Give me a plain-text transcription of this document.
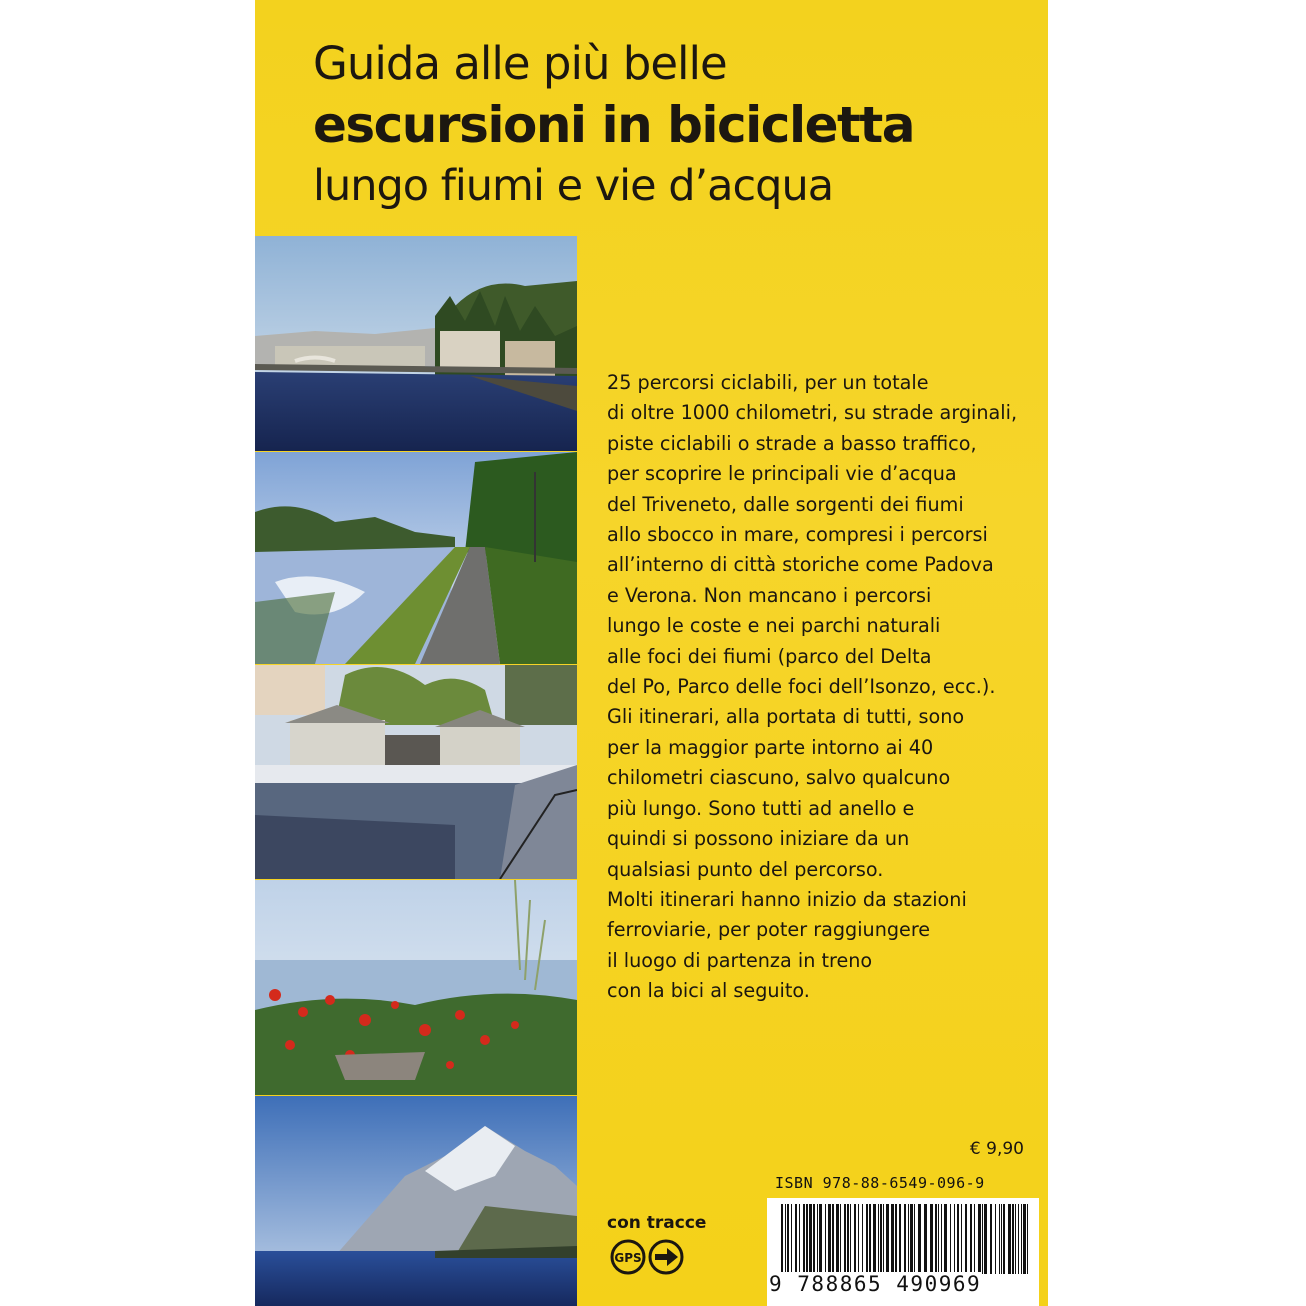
Guida alle più belle
escursioni in bicicletta
lungo fiumi e vie d’acqua
25 percorsi ciclabili, per un totale
di oltre 1000 chilometri, su strade arginali,
piste ciclabili o strade a basso traffico,
per scoprire le principali vie d’acqua
del Triveneto, dalle sorgenti dei fiumi
allo sbocco in mare, compresi i percorsi
all’interno di città storiche come Padova
e Verona. Non mancano i percorsi
lungo le coste e nei parchi naturali
alle foci dei fiumi (parco del Delta
del Po, Parco delle foci dell’Isonzo, ecc.).
Gli itinerari, alla portata di tutti, sono
per la maggior parte intorno ai 40
chilometri ciascuno, salvo qualcuno
più lungo. Sono tutti ad anello e
quindi si possono iniziare da un
qualsiasi punto del percorso.
Molti itinerari hanno inizio da stazioni
ferroviarie, per poter raggiungere
il luogo di partenza in treno
con la bici al seguito.
€ 9,90
con tracce
GPS
ISBN 978-88-6549-096-9
9 788865 490969
